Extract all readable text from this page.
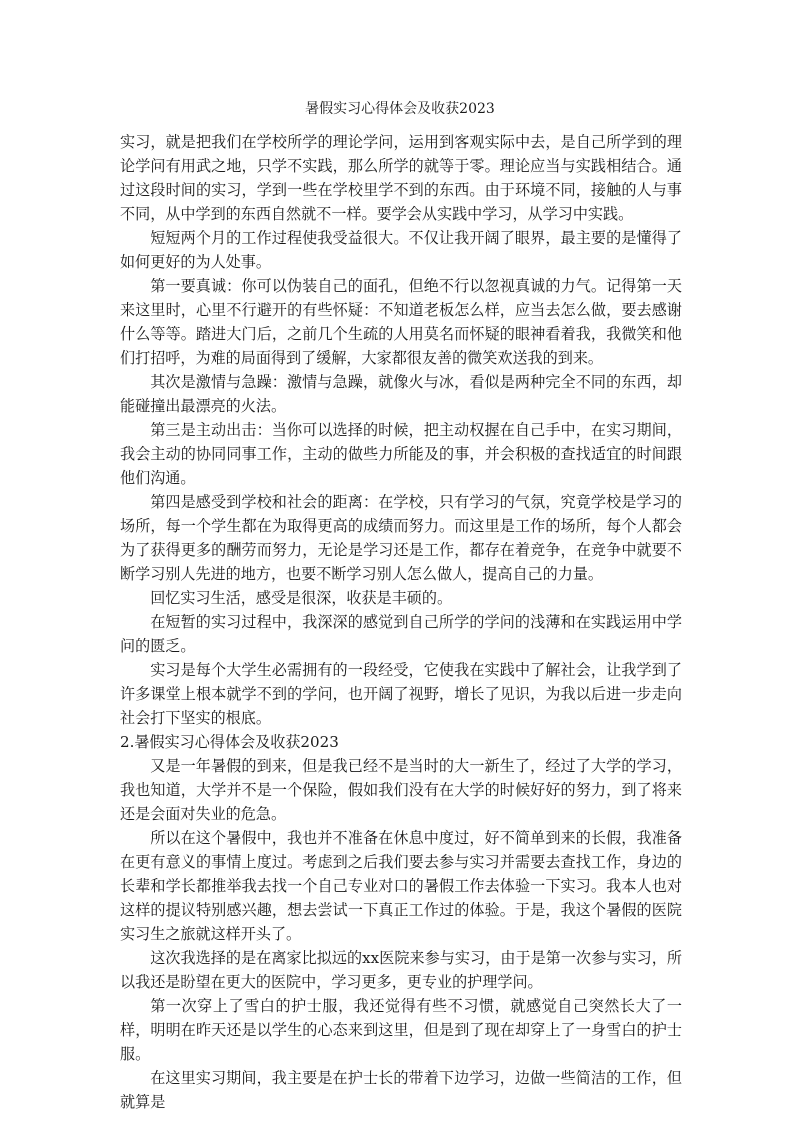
暑假实习心得体会及收获2023

实习，就是把我们在学校所学的理论学问，运用到客观实际中去，是自己所学到的理论学问有用武之地，只学不实践，那么所学的就等于零。理论应当与实践相结合。通过这段时间的实习，学到一些在学校里学不到的东西。由于环境不同，接触的人与事不同，从中学到的东西自然就不一样。要学会从实践中学习，从学习中实践。

短短两个月的工作过程使我受益很大。不仅让我开阔了眼界，最主要的是懂得了如何更好的为人处事。

第一要真诚：你可以伪装自己的面孔，但绝不行以忽视真诚的力气。记得第一天来这里时，心里不行避开的有些怀疑：不知道老板怎么样，应当去怎么做，要去感谢什么等等。踏进大门后，之前几个生疏的人用莫名而怀疑的眼神看着我，我微笑和他们打招呼，为难的局面得到了缓解，大家都很友善的微笑欢送我的到来。

其次是激情与急躁：激情与急躁，就像火与冰，看似是两种完全不同的东西，却能碰撞出最漂亮的火法。

第三是主动出击：当你可以选择的时候，把主动权握在自己手中，在实习期间，我会主动的协同同事工作，主动的做些力所能及的事，并会积极的查找适宜的时间跟他们沟通。

第四是感受到学校和社会的距离：在学校，只有学习的气氛，究竟学校是学习的场所，每一个学生都在为取得更高的成绩而努力。而这里是工作的场所，每个人都会为了获得更多的酬劳而努力，无论是学习还是工作，都存在着竞争，在竞争中就要不断学习别人先进的地方，也要不断学习别人怎么做人，提高自己的力量。

回忆实习生活，感受是很深，收获是丰硕的。

在短暂的实习过程中，我深深的感觉到自己所学的学问的浅薄和在实践运用中学问的匮乏。

实习是每个大学生必需拥有的一段经受，它使我在实践中了解社会，让我学到了许多课堂上根本就学不到的学问，也开阔了视野，增长了见识，为我以后进一步走向社会打下坚实的根底。

2.暑假实习心得体会及收获2023

又是一年暑假的到来，但是我已经不是当时的大一新生了，经过了大学的学习，我也知道，大学并不是一个保险，假如我们没有在大学的时候好好的努力，到了将来还是会面对失业的危急。

所以在这个暑假中，我也并不准备在休息中度过，好不简单到来的长假，我准备在更有意义的事情上度过。考虑到之后我们要去参与实习并需要去查找工作，身边的长辈和学长都推举我去找一个自己专业对口的暑假工作去体验一下实习。我本人也对这样的提议特别感兴趣，想去尝试一下真正工作过的体验。于是，我这个暑假的医院实习生之旅就这样开头了。

这次我选择的是在离家比拟远的xx医院来参与实习，由于是第一次参与实习，所以我还是盼望在更大的医院中，学习更多，更专业的护理学问。

第一次穿上了雪白的护士服，我还觉得有些不习惯，就感觉自己突然长大了一样，明明在昨天还是以学生的心态来到这里，但是到了现在却穿上了一身雪白的护士服。

在这里实习期间，我主要是在护士长的带着下边学习，边做一些简洁的工作，但就算是
